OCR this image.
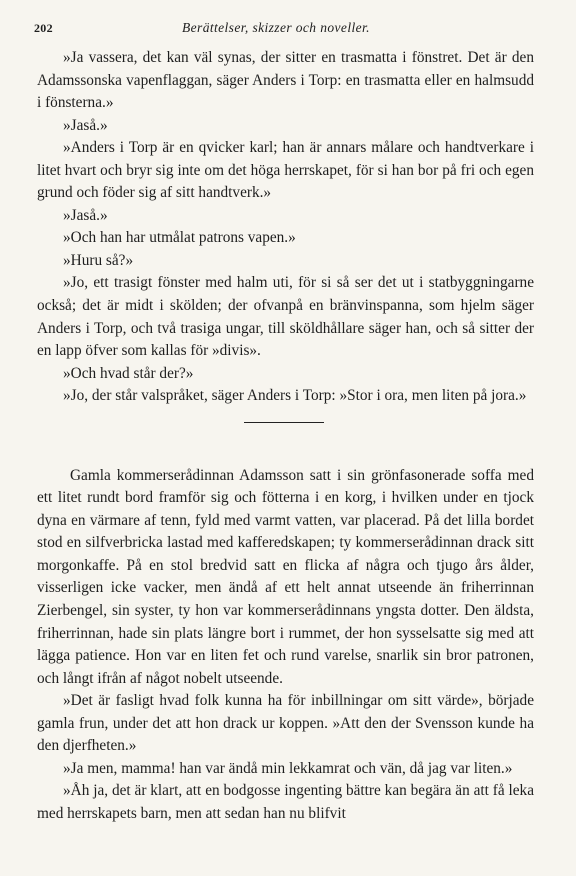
202	Berättelser, skizzer och noveller.

»Ja vassera, det kan väl synas, der sitter en trasmatta i fönstret. Det är den Adamssonska vapenflaggan, säger Anders i Torp: en trasmatta eller en halmsudd i fönsterna.»

»Jaså.»

»Anders i Torp är en qvicker karl; han är annars målare och handtverkare i litet hvart och bryr sig inte om det höga herrskapet, för si han bor på fri och egen grund och föder sig af sitt handtverk.»

»Jaså.»

»Och han har utmålat patrons vapen.»

»Huru så?»

»Jo, ett trasigt fönster med halm uti, för si så ser det ut i statbyggningarne också; det är midt i skölden; der ofvanpå en bränvinspanna, som hjelm säger Anders i Torp, och två trasiga ungar, till sköldhållare säger han, och så sitter der en lapp öfver som kallas för »divis».

»Och hvad står der?»

»Jo, der står valspråket, säger Anders i Torp: »Stor i ora, men liten på jora.»

Gamla kommerserådinnan Adamsson satt i sin grönfasonerade soffa med ett litet rundt bord framför sig och fötterna i en korg, i hvilken under en tjock dyna en värmare af tenn, fyld med varmt vatten, var placerad. På det lilla bordet stod en silfverbricka lastad med kafferedskapen; ty kommerserådinnan drack sitt morgonkaffe. På en stol bredvid satt en flicka af några och tjugo års ålder, visserligen icke vacker, men ändå af ett helt annat utseende än friherrinnan Zierbengel, sin syster, ty hon var kommerserådinnans yngsta dotter. Den äldsta, friherrinnan, hade sin plats längre bort i rummet, der hon sysselsatte sig med att lägga patience. Hon var en liten fet och rund varelse, snarlik sin bror patronen, och långt ifrån af något nobelt utseende.

»Det är fasligt hvad folk kunna ha för inbillningar om sitt värde», började gamla frun, under det att hon drack ur koppen. »Att den der Svensson kunde ha den djerfheten.»

»Ja men, mamma! han var ändå min lekkamrat och vän, då jag var liten.»

»Åh ja, det är klart, att en bodgosse ingenting bättre kan begära än att få leka med herrskapets barn, men att sedan han nu blifvit
